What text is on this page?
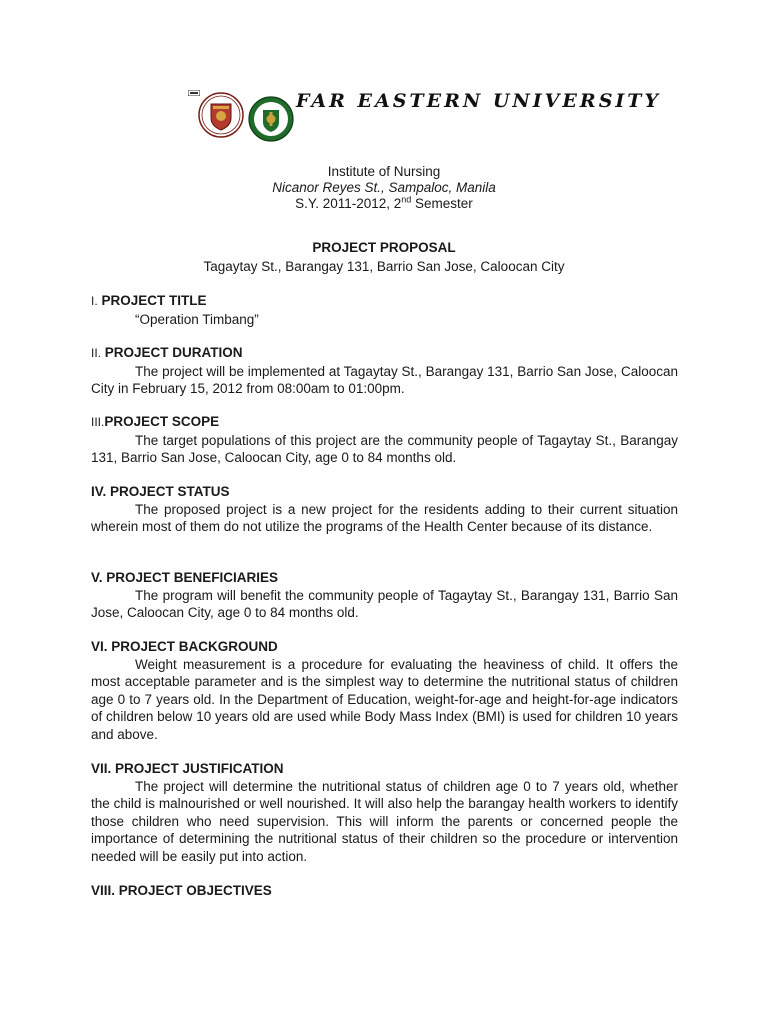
FAR EASTERN UNIVERSITY
Institute of Nursing
Nicanor Reyes St., Sampaloc, Manila
S.Y. 2011-2012, 2nd Semester
PROJECT PROPOSAL
Tagaytay St., Barangay 131, Barrio San Jose, Caloocan City
I. PROJECT TITLE

“Operation Timbang”

II. PROJECT DURATION

The project will be implemented at Tagaytay St., Barangay 131, Barrio San Jose, Caloocan City in February 15, 2012 from 08:00am to 01:00pm.

III.PROJECT SCOPE

The target populations of this project are the community people of Tagaytay St., Barangay 131, Barrio San Jose, Caloocan City, age 0 to 84 months old.

IV. PROJECT STATUS

The proposed project is a new project for the residents adding to their current situation wherein most of them do not utilize the programs of the Health Center because of its distance.

V. PROJECT BENEFICIARIES

The program will benefit the community people of Tagaytay St., Barangay 131, Barrio San Jose, Caloocan City, age 0 to 84 months old.

VI. PROJECT BACKGROUND

Weight measurement is a procedure for evaluating the heaviness of child. It offers the most acceptable parameter and is the simplest way to determine the nutritional status of children age 0 to 7 years old. In the Department of Education, weight-for-age and height-for-age indicators of children below 10 years old are used while Body Mass Index (BMI) is used for children 10 years and above.

VII. PROJECT JUSTIFICATION

The project will determine the nutritional status of children age 0 to 7 years old, whether the child is malnourished or well nourished. It will also help the barangay health workers to identify those children who need supervision. This will inform the parents or concerned people the importance of determining the nutritional status of their children so the procedure or intervention needed will be easily put into action.

VIII. PROJECT OBJECTIVES
